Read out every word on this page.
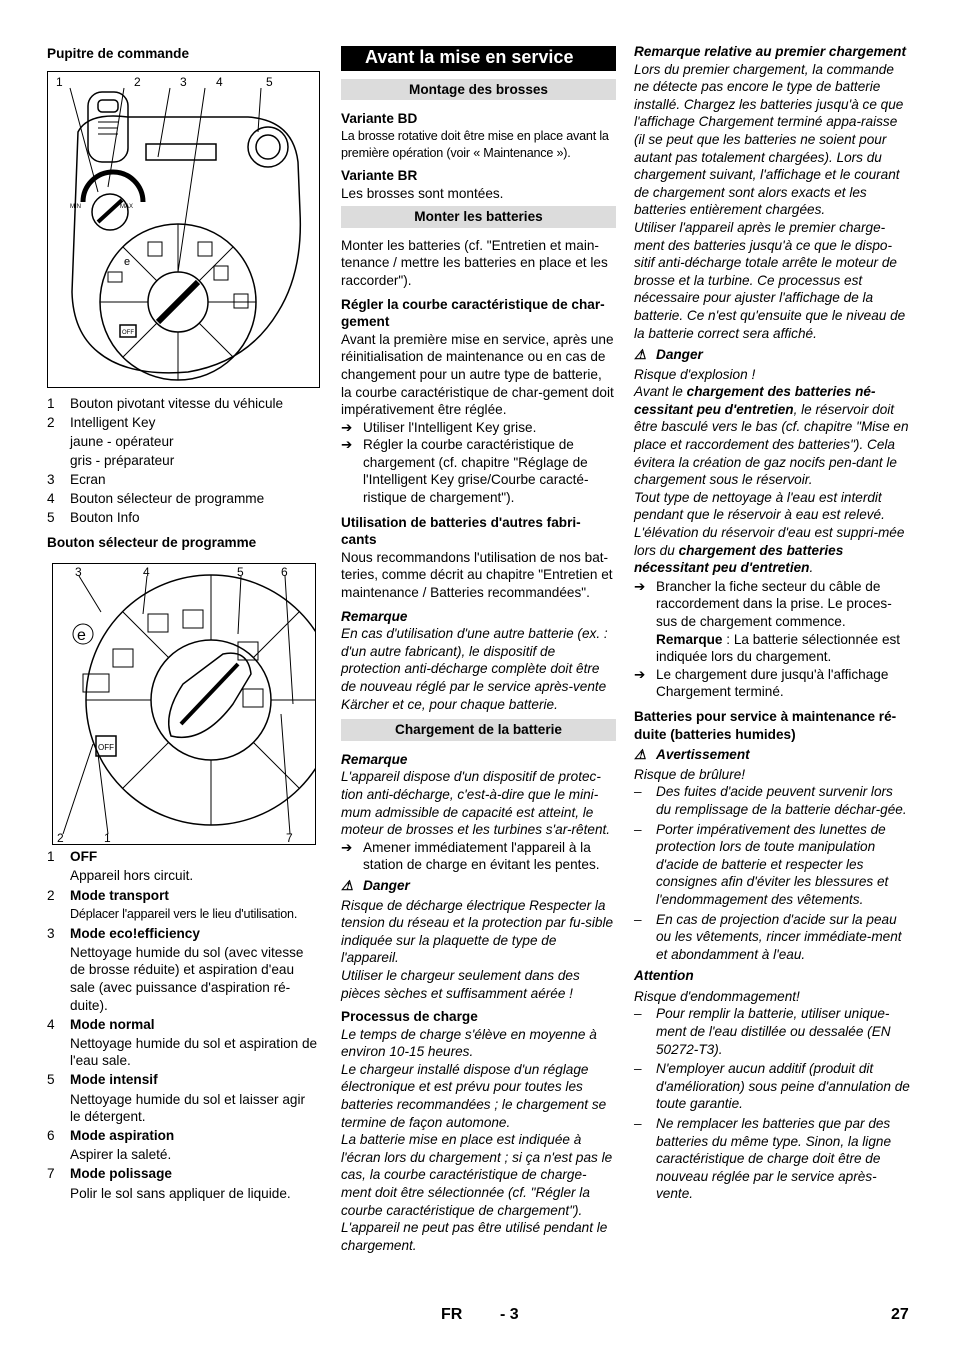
Pupitre de commande

1	2	3 4	5
MIN	MAX
OFF
e
1	Bouton pivotant vitesse du véhicule
2	Intelligent Key
jaune - opérateur
gris - préparateur
3	Ecran
4	Bouton sélecteur de programme
5	Bouton Info

Bouton sélecteur de programme

3	4	5	6
2	1	7
OFF
e
1	OFF
Appareil hors circuit.
2	Mode transport
Déplacer l'appareil vers le lieu d'utilisation.
3	Mode eco!efficiency
Nettoyage humide du sol (avec vitesse de brosse réduite) et aspiration d'eau sale (avec puissance d'aspiration ré-duite).
4	Mode normal
Nettoyage humide du sol et aspiration de l'eau sale.
5	Mode intensif
Nettoyage humide du sol et laisser agir le détergent.
6	Mode aspiration
Aspirer la saleté.
7	Mode polissage
Polir le sol sans appliquer de liquide.
Avant la mise en service
Montage des brosses

Variante BD

La brosse rotative doit être mise en place avant la première opération (voir « Maintenance »).

Variante BR

Les brosses sont montées.

Monter les batteries

Monter les batteries (cf. "Entretien et main-tenance / mettre les batteries en place et les raccorder").

Régler la courbe caractéristique de char-gement

Avant la première mise en service, après une réinitialisation de maintenance ou en cas de changement pour un autre type de batterie, la courbe caractéristique de char-gement doit impérativement être réglée.

➔ Utiliser l'Intelligent Key grise.
➔ Régler la courbe caractéristique de chargement (cf. chapitre "Réglage de l'Intelligent Key grise/Courbe caracté-ristique de chargement").

Utilisation de batteries d'autres fabri-cants

Nous recommandons l'utilisation de nos bat-teries, comme décrit au chapitre "Entretien et maintenance / Batteries recommandées".

Remarque

En cas d'utilisation d'une autre batterie (ex. : d'un autre fabricant), le dispositif de protection anti-décharge complète doit être de nouveau réglé par le service après-vente Kärcher et ce, pour chaque batterie.

Chargement de la batterie

Remarque

L'appareil dispose d'un dispositif de protec-tion anti-décharge, c'est-à-dire que le mini-mum admissible de capacité est atteint, le moteur de brosses et les turbines s'ar-rêtent.

➔ Amener immédiatement l'appareil à la station de charge en évitant les pentes.
⚠ Danger

Risque de décharge électrique Respecter la tension du réseau et la protection par fu-sible indiquée sur la plaquette de type de l'appareil.

Utiliser le chargeur seulement dans des pièces sèches et suffisamment aérée !

Processus de charge

Le temps de charge s'élève en moyenne à environ 10-15 heures.

Le chargeur installé dispose d'un réglage électronique et est prévu pour toutes les batteries recommandées ; le chargement se termine de façon automone.

La batterie mise en place est indiquée à l'écran lors du chargement ; si ça n'est pas le cas, la courbe caractéristique de charge-ment doit être sélectionnée (cf. "Régler la courbe caractéristique de chargement").

L'appareil ne peut pas être utilisé pendant le chargement.

Remarque relative au premier chargement

Lors du premier chargement, la commande ne détecte pas encore le type de batterie installé. Chargez les batteries jusqu'à ce que l'affichage Chargement terminé appa-raisse (il se peut que les batteries ne soient pour autant pas totalement chargées). Lors du chargement suivant, l'affichage et le courant de chargement sont alors exacts et les batteries entièrement chargées.

Utiliser l'appareil après le premier charge-ment des batteries jusqu'à ce que le dispo-sitif anti-décharge totale arrête le moteur de brosse et la turbine. Ce processus est nécessaire pour ajuster l'affichage de la batterie. Ce n'est qu'ensuite que le niveau de la batterie correct sera affiché.

⚠ Danger

Risque d'explosion !

Avant le chargement des batteries né-cessitant peu d'entretien, le réservoir doit être basculé vers le bas (cf. chapitre "Mise en place et raccordement des batteries"). Cela évitera la création de gaz nocifs pen-dant le chargement sous le réservoir.

Tout type de nettoyage à l'eau est interdit pendant que le réservoir à eau est relevé.

L'élévation du réservoir d'eau est suppri-mée lors du chargement des batteries nécessitant peu d'entretien.

➔ Brancher la fiche secteur du câble de raccordement dans la prise. Le proces-sus de chargement commence.
Remarque : La batterie sélectionnée est indiquée lors du chargement.
➔ Le chargement dure jusqu'à l'affichage Chargement terminé.

Batteries pour service à maintenance ré-duite (batteries humides)

⚠ Avertissement

Risque de brûlure!

–	Des fuites d'acide peuvent survenir lors du remplissage de la batterie déchar-gée.
–	Porter impérativement des lunettes de protection lors de toute manipulation d'acide de batterie et respecter les consignes afin d'éviter les blessures et l'endommagement des vêtements.
–	En cas de projection d'acide sur la peau ou les vêtements, rincer immédiate-ment et abondamment à l'eau.

Attention

Risque d'endommagement!

–	Pour remplir la batterie, utiliser unique-ment de l'eau distillée ou dessalée (EN 50272-T3).
–	N'employer aucun additif (produit dit d'amélioration) sous peine d'annulation de toute garantie.
–	Ne remplacer les batteries que par des batteries du même type. Sinon, la ligne caractéristique de charge doit être de nouveau réglée par le service après-vente.
FR - 3	27
